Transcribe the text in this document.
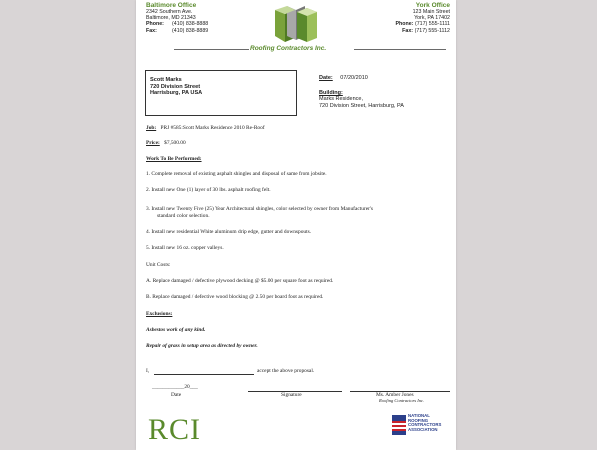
Baltimore Office
2342 Southern Ave.
Baltimore, MD 21343
Phone: (410) 838-8888
Fax:	(410) 838-8889
York Office
123 Main Street
York, PA 17402
Phone: (717) 555-1111
Fax: (717) 555-1112
Roofing Contractors Inc.
Scott Marks
720 Division Street
Harrisburg, PA USA
Date: 07/20/2010
Building:
Marks Residence,
720 Division Street, Harrisburg, PA
Job: PRJ #585:Scott Marks Residence 2010 Re-Roof
Price: $7,500.00
Work To Be Performed:
1. Complete removal of existing asphalt shingles and disposal of same from jobsite.
2. Install new One (1) layer of 30 lbs. asphalt roofing felt.
3. Install new Twenty Five (25) Year Architectural shingles, color selected by owner from Manufacturer's
standard color selection.
4. Install new residential White aluminum drip edge, gutter and downspouts.
5. Install new 16 oz. copper valleys.
Unit Costs:
A. Replace damaged / defective plywood decking @ $5.00 per square foot as required.
B. Replace damaged / defective wood blocking @ 2.50 per board foot as required.
Exclusions:
Asbestos work of any kind.
Repair of grass in setup area as directed by owner.
I,	accept the above proposal.
____________20___
Date	Signature	Ms. Amber Jones
Roofing Contractors Inc.
RCI	NATIONAL
ROOFING
CONTRACTORS
ASSOCIATION
